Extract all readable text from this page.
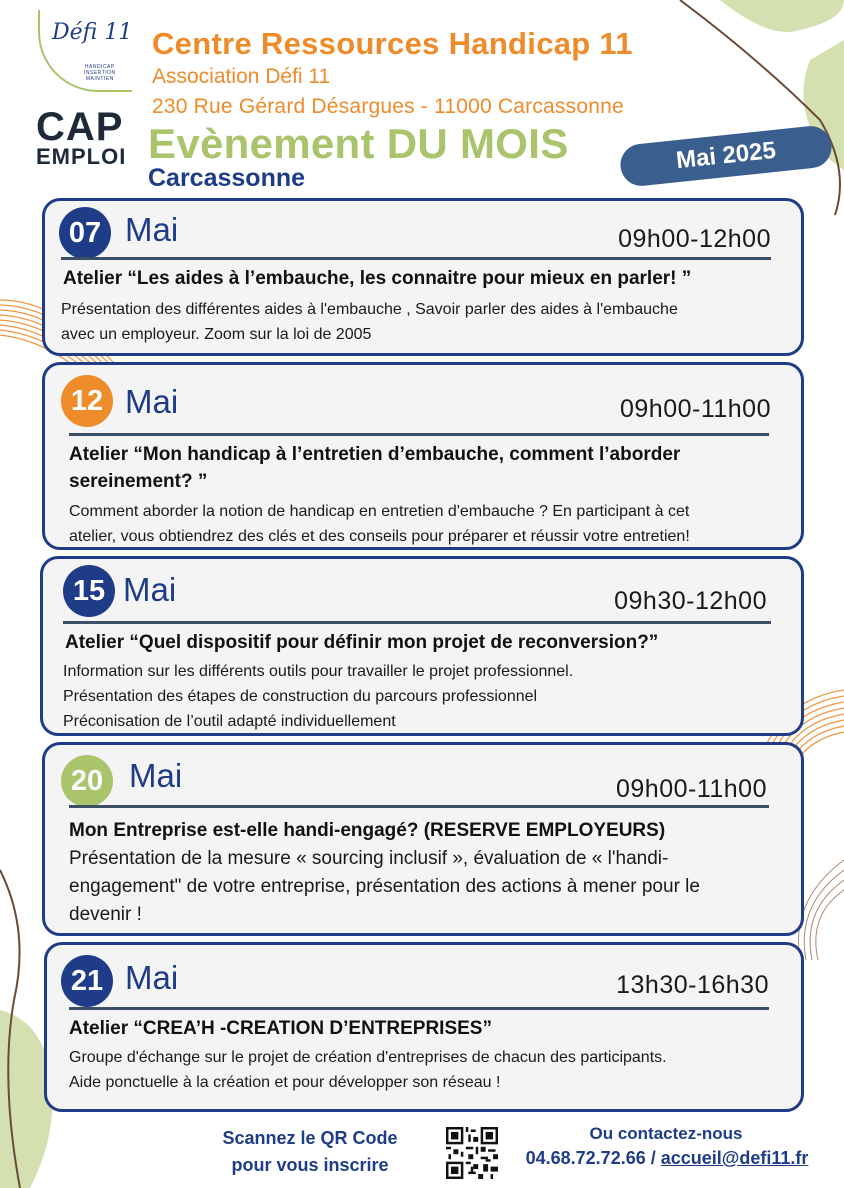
Défi 11
HANDICAP
INSERTION
MAINTIEN
Centre Ressources Handicap 11
Association Défi 11
230 Rue Gérard Désargues - 11000 Carcassonne
CAP
EMPLOI Evènement DU MOIS
Carcassonne
Mai 2025
07 Mai	09h00-12h00
Atelier “Les aides à l’embauche, les connaitre pour mieux en parler! ”
Présentation des différentes aides à l'embauche , Savoir parler des aides à l'embauche
avec un employeur. Zoom sur la loi de 2005
12 Mai	09h00-11h00
Atelier “Mon handicap à l’entretien d’embauche, comment l’aborder
sereinement? ”
Comment aborder la notion de handicap en entretien d'embauche ? En participant à cet
atelier, vous obtiendrez des clés et des conseils pour préparer et réussir votre entretien!
15 Mai	09h30-12h00
Atelier “Quel dispositif pour définir mon projet de reconversion?”
Information sur les différents outils pour travailler le projet professionnel.
Présentation des étapes de construction du parcours professionnel
Préconisation de l’outil adapté individuellement
20 Mai	09h00-11h00
Mon Entreprise est-elle handi-engagé? (RESERVE EMPLOYEURS)
Présentation de la mesure « sourcing inclusif », évaluation de « l'handi-
engagement" de votre entreprise, présentation des actions à mener pour le
devenir !
21 Mai	13h30-16h30
Atelier “CREA’H -CREATION D’ENTREPRISES”
Groupe d'échange sur le projet de création d'entreprises de chacun des participants.
Aide ponctuelle à la création et pour développer son réseau !
Scannez le QR Code
pour vous inscrire
Ou contactez-nous
04.68.72.72.66 / accueil@defi11.fr
